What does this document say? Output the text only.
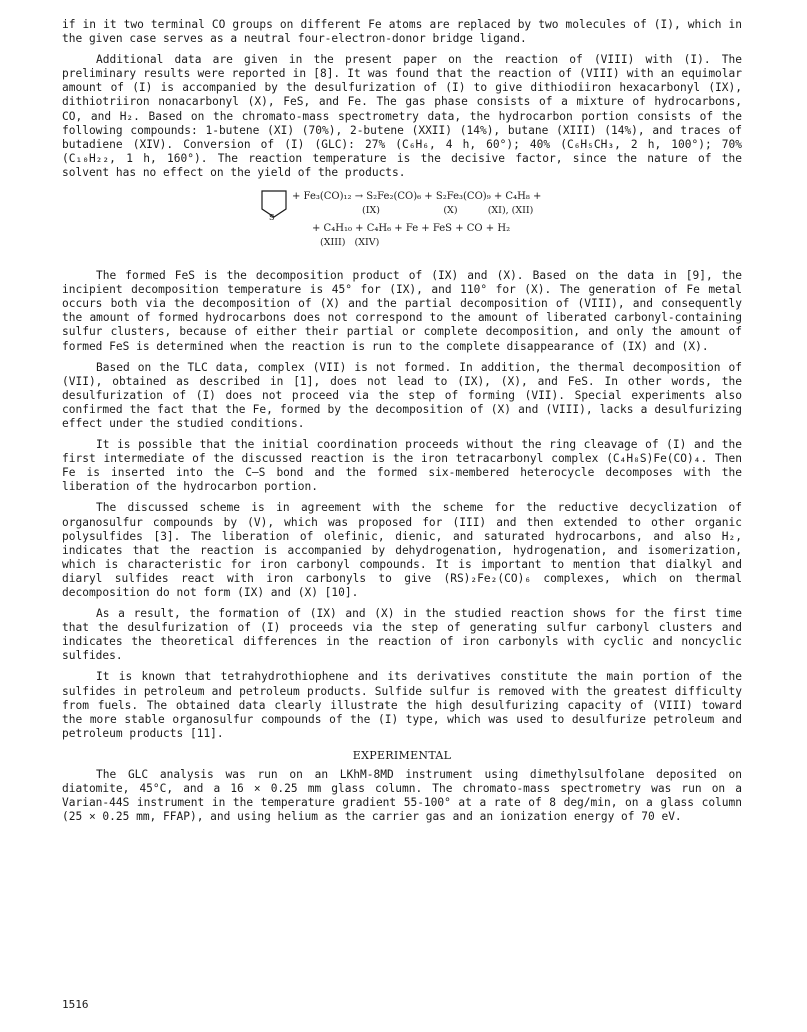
if in it two terminal CO groups on different Fe atoms are replaced by two molecules of (I), which in the given case serves as a neutral four-electron-donor bridge ligand.

Additional data are given in the present paper on the reaction of (VIII) with (I). The preliminary results were reported in [8]. It was found that the reaction of (VIII) with an equimolar amount of (I) is accompanied by the desulfurization of (I) to give dithiodiiron hexacarbonyl (IX), dithiotriiron nonacarbonyl (X), FeS, and Fe. The gas phase consists of a mixture of hydrocarbons, CO, and H₂. Based on the chromato-mass spectrometry data, the hydrocarbon portion consists of the following compounds: 1-butene (XI) (70%), 2-butene (XXII) (14%), butane (XIII) (14%), and traces of butadiene (XIV). Conversion of (I) (GLC): 27% (C₆H₆, 4 h, 60°); 40% (C₆H₅CH₃, 2 h, 100°); 70% (C₁₀H₂₂, 1 h, 160°). The reaction temperature is the decisive factor, since the nature of the solvent has no effect on the yield of the products.

S
+ Fe₃(CO)₁₂ → S₂Fe₂(CO)₆ + S₂Fe₃(CO)₉ + C₄H₈ +
(IX)                     (X)          (XI), (XII)
+ C₄H₁₀ + C₄H₆ + Fe + FeS + CO + H₂
(XIII)   (XIV)

The formed FeS is the decomposition product of (IX) and (X). Based on the data in [9], the incipient decomposition temperature is 45° for (IX), and 110° for (X). The generation of Fe metal occurs both via the decomposition of (X) and the partial decomposition of (VIII), and consequently the amount of formed hydrocarbons does not correspond to the amount of liberated carbonyl-containing sulfur clusters, because of either their partial or complete decomposition, and only the amount of formed FeS is determined when the reaction is run to the complete disappearance of (IX) and (X).

Based on the TLC data, complex (VII) is not formed. In addition, the thermal decomposition of (VII), obtained as described in [1], does not lead to (IX), (X), and FeS. In other words, the desulfurization of (I) does not proceed via the step of forming (VII). Special experiments also confirmed the fact that the Fe, formed by the decomposition of (X) and (VIII), lacks a desulfurizing effect under the studied conditions.

It is possible that the initial coordination proceeds without the ring cleavage of (I) and the first intermediate of the discussed reaction is the iron tetracarbonyl complex (C₄H₈S)Fe(CO)₄. Then Fe is inserted into the C–S bond and the formed six-membered heterocycle decomposes with the liberation of the hydrocarbon portion.

The discussed scheme is in agreement with the scheme for the reductive decyclization of organosulfur compounds by (V), which was proposed for (III) and then extended to other organic polysulfides [3]. The liberation of olefinic, dienic, and saturated hydrocarbons, and also H₂, indicates that the reaction is accompanied by dehydrogenation, hydrogenation, and isomerization, which is characteristic for iron carbonyl compounds. It is important to mention that dialkyl and diaryl sulfides react with iron carbonyls to give (RS)₂Fe₂(CO)₆ complexes, which on thermal decomposition do not form (IX) and (X) [10].

As a result, the formation of (IX) and (X) in the studied reaction shows for the first time that the desulfurization of (I) proceeds via the step of generating sulfur carbonyl clusters and indicates the theoretical differences in the reaction of iron carbonyls with cyclic and noncyclic sulfides.

It is known that tetrahydrothiophene and its derivatives constitute the main portion of the sulfides in petroleum and petroleum products. Sulfide sulfur is removed with the greatest difficulty from fuels. The obtained data clearly illustrate the high desulfurizing capacity of (VIII) toward the more stable organosulfur compounds of the (I) type, which was used to desulfurize petroleum and petroleum products [11].

EXPERIMENTAL

The GLC analysis was run on an LKhM-8MD instrument using dimethylsulfolane deposited on diatomite, 45°C, and a 16 × 0.25 mm glass column. The chromato-mass spectrometry was run on a Varian-44S instrument in the temperature gradient 55-100° at a rate of 8 deg/min, on a glass column (25 × 0.25 mm, FFAP), and using helium as the carrier gas and an ionization energy of 70 eV.

1516
